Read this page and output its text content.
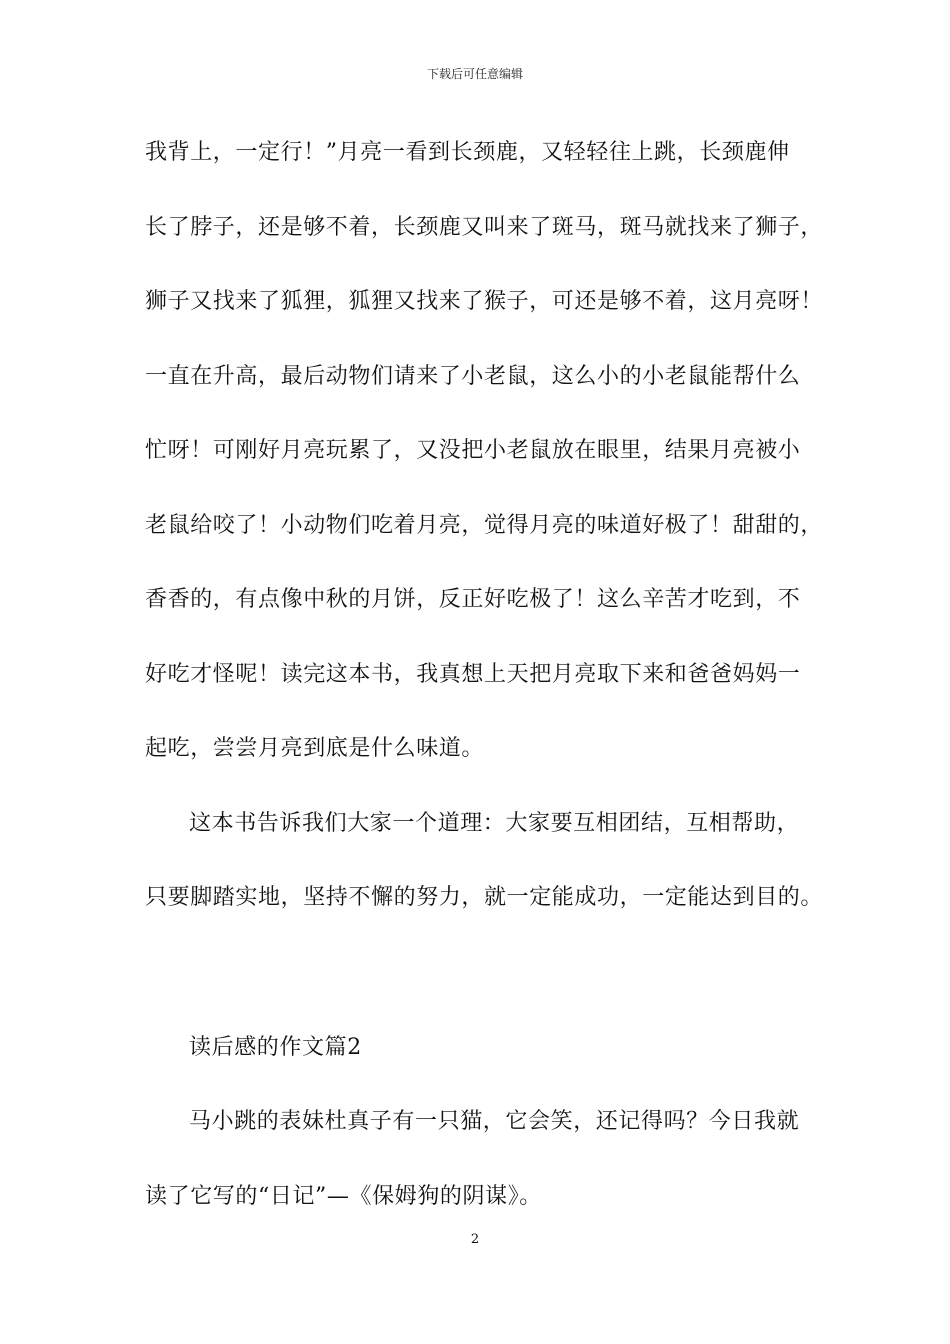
下载后可任意编辑
我背上，一定行！”月亮一看到长颈鹿，又轻轻往上跳，长颈鹿伸
长了脖子，还是够不着，长颈鹿又叫来了斑马，斑马就找来了狮子，
狮子又找来了狐狸，狐狸又找来了猴子，可还是够不着，这月亮呀！
一直在升高，最后动物们请来了小老鼠，这么小的小老鼠能帮什么
忙呀！可刚好月亮玩累了，又没把小老鼠放在眼里，结果月亮被小
老鼠给咬了！小动物们吃着月亮，觉得月亮的味道好极了！甜甜的，
香香的，有点像中秋的月饼，反正好吃极了！这么辛苦才吃到，不
好吃才怪呢！读完这本书，我真想上天把月亮取下来和爸爸妈妈一
起吃，尝尝月亮到底是什么味道。
这本书告诉我们大家一个道理：大家要互相团结，互相帮助，
只要脚踏实地，坚持不懈的努力，就一定能成功，一定能达到目的。
读后感的作文篇2
马小跳的表妹杜真子有一只猫，它会笑，还记得吗？今日我就
读了它写的“日记”—《保姆狗的阴谋》。
2
